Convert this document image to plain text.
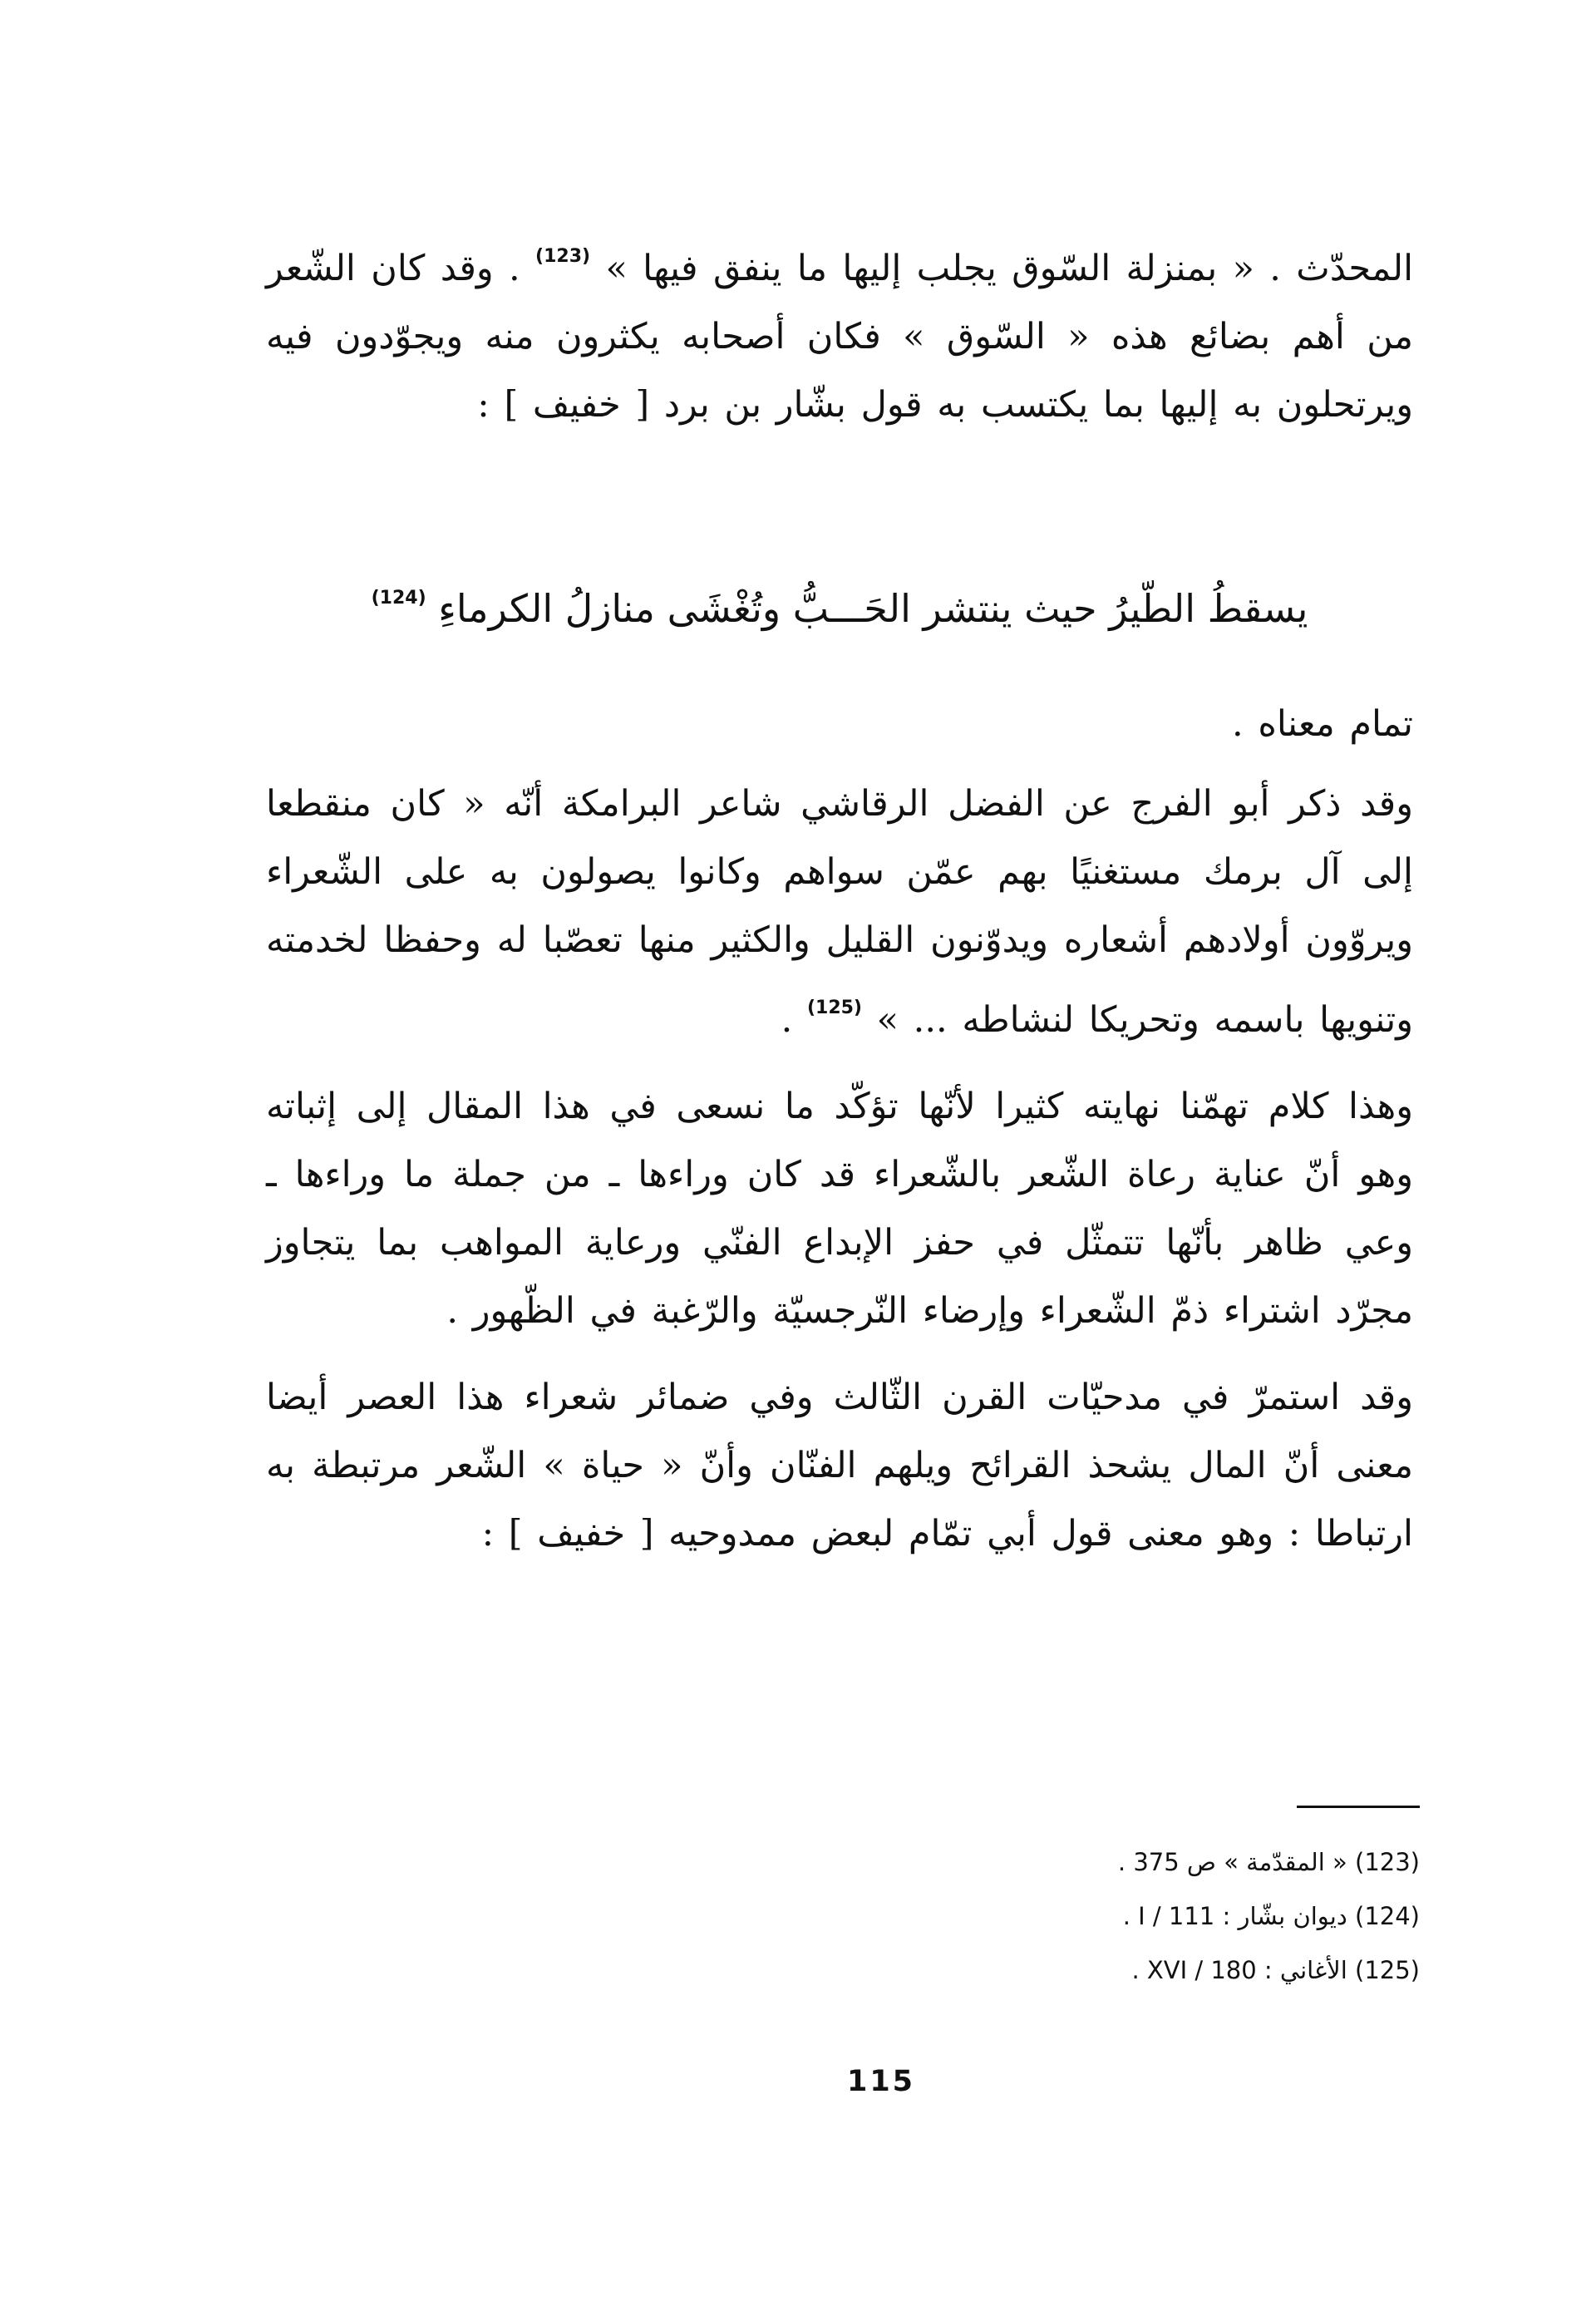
المحدّث . « بمنزلة السّوق يجلب إليها ما ينفق فيها » $^{(123)}$ . وقد كان الشّعر من أهم بضائع هذه « السّوق » فكان أصحابه يكثرون منه ويجوّدون فيه ويرتحلون به إليها بما يكتسب به قول بشّار بن برد [ خفيف ] :

يسقطُ الطّيرُ حيث ينتشر الحَـــبُّ وتُغْشَى منازلُ الكرماءِ $^{(124)}$

تمام معناه .

وقد ذكر أبو الفرج عن الفضل الرقاشي شاعر البرامكة أنّه « كان منقطعا إلى آل برمك مستغنيًا بهم عمّن سواهم وكانوا يصولون به على الشّعراء ويروّون أولادهم أشعاره ويدوّنون القليل والكثير منها تعصّبا له وحفظا لخدمته وتنويها باسمه وتحريكا لنشاطه ... » $^{(125)}$ .

وهذا كلام تهمّنا نهايته كثيرا لأنّها تؤكّد ما نسعى في هذا المقال إلى إثباته وهو أنّ عناية رعاة الشّعر بالشّعراء قد كان وراءها ـ من جملة ما وراءها ـ وعي ظاهر بأنّها تتمثّل في حفز الإبداع الفنّي ورعاية المواهب بما يتجاوز مجرّد اشتراء ذمّ الشّعراء وإرضاء النّرجسيّة والرّغبة في الظّهور .

وقد استمرّ في مدحيّات القرن الثّالث وفي ضمائر شعراء هذا العصر أيضا معنى أنّ المال يشحذ القرائح ويلهم الفنّان وأنّ « حياة » الشّعر مرتبطة به ارتباطا : وهو معنى قول أبي تمّام لبعض ممدوحيه [ خفيف ] :

(123) « المقدّمة » ص 375 .

(124) ديوان بشّار : I / 111 .

(125) الأغاني : XVI / 180 .

115
